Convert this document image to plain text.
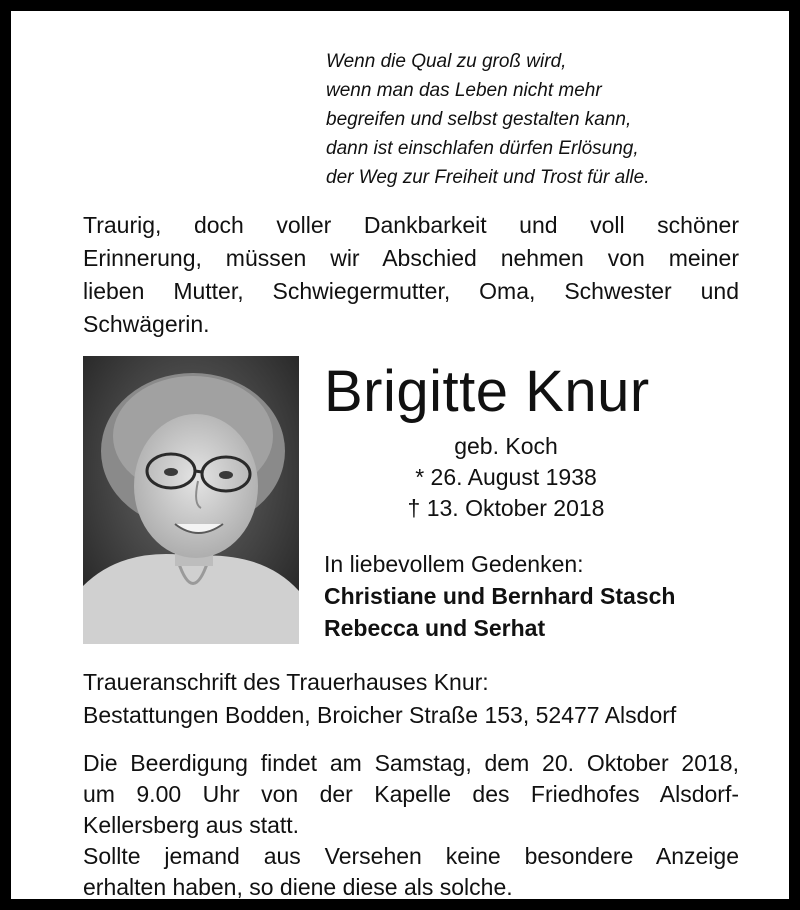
Wenn die Qual zu groß wird,
wenn man das Leben nicht mehr
begreifen und selbst gestalten kann,
dann ist einschlafen dürfen Erlösung,
der Weg zur Freiheit und Trost für alle.
Traurig, doch voller Dankbarkeit und voll schöner
Erinnerung, müssen wir Abschied nehmen von meiner
lieben Mutter, Schwiegermutter, Oma, Schwester und
Schwägerin.
Brigitte Knur
geb. Koch
* 26. August 1938
† 13. Oktober 2018
In liebevollem Gedenken:
Christiane und Bernhard Stasch
Rebecca und Serhat
Traueranschrift des Trauerhauses Knur:
Bestattungen Bodden, Broicher Straße 153, 52477 Alsdorf
Die Beerdigung findet am Samstag, dem 20. Oktober 2018,
um 9.00 Uhr von der Kapelle des Friedhofes Alsdorf-
Kellersberg aus statt.
Sollte jemand aus Versehen keine besondere Anzeige
erhalten haben, so diene diese als solche.
